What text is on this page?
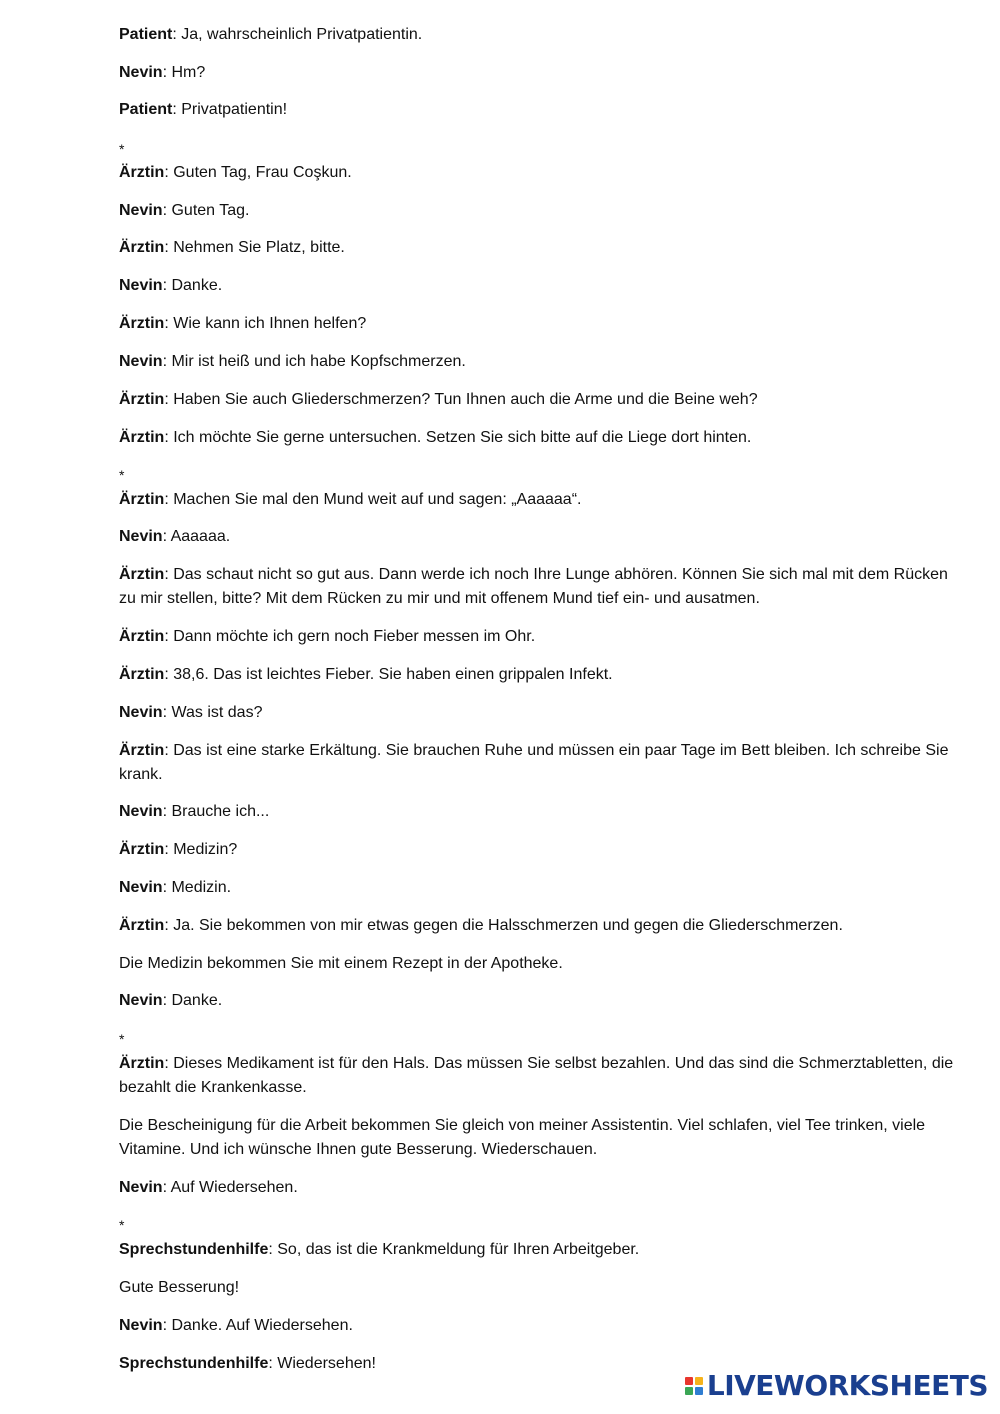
Patient: Ja, wahrscheinlich Privatpatientin.
Nevin: Hm?
Patient: Privatpatientin!
*
Ärztin: Guten Tag, Frau Coşkun.
Nevin: Guten Tag.
Ärztin: Nehmen Sie Platz, bitte.
Nevin: Danke.
Ärztin: Wie kann ich Ihnen helfen?
Nevin: Mir ist heiß und ich habe Kopfschmerzen.
Ärztin: Haben Sie auch Gliederschmerzen? Tun Ihnen auch die Arme und die Beine weh?
Ärztin: Ich möchte Sie gerne untersuchen. Setzen Sie sich bitte auf die Liege dort hinten.
*
Ärztin: Machen Sie mal den Mund weit auf und sagen: „Aaaaaa“.
Nevin: Aaaaaa.
Ärztin: Das schaut nicht so gut aus. Dann werde ich noch Ihre Lunge abhören. Können Sie sich mal mit dem Rücken zu mir stellen, bitte? Mit dem Rücken zu mir und mit offenem Mund tief ein- und ausatmen.
Ärztin: Dann möchte ich gern noch Fieber messen im Ohr.
Ärztin: 38,6. Das ist leichtes Fieber. Sie haben einen grippalen Infekt.
Nevin: Was ist das?
Ärztin: Das ist eine starke Erkältung. Sie brauchen Ruhe und müssen ein paar Tage im Bett bleiben. Ich schreibe Sie krank.
Nevin: Brauche ich...
Ärztin: Medizin?
Nevin: Medizin.
Ärztin: Ja. Sie bekommen von mir etwas gegen die Halsschmerzen und gegen die Gliederschmerzen.
Die Medizin bekommen Sie mit einem Rezept in der Apotheke.
Nevin: Danke.
*
Ärztin: Dieses Medikament ist für den Hals. Das müssen Sie selbst bezahlen. Und das sind die Schmerztabletten, die bezahlt die Krankenkasse.
Die Bescheinigung für die Arbeit bekommen Sie gleich von meiner Assistentin. Viel schlafen, viel Tee trinken, viele Vitamine. Und ich wünsche Ihnen gute Besserung. Wiederschauen.
Nevin: Auf Wiedersehen.
*
Sprechstundenhilfe: So, das ist die Krankmeldung für Ihren Arbeitgeber.
Gute Besserung!
Nevin: Danke. Auf Wiedersehen.
Sprechstundenhilfe: Wiedersehen!
LIVEWORKSHEETS
